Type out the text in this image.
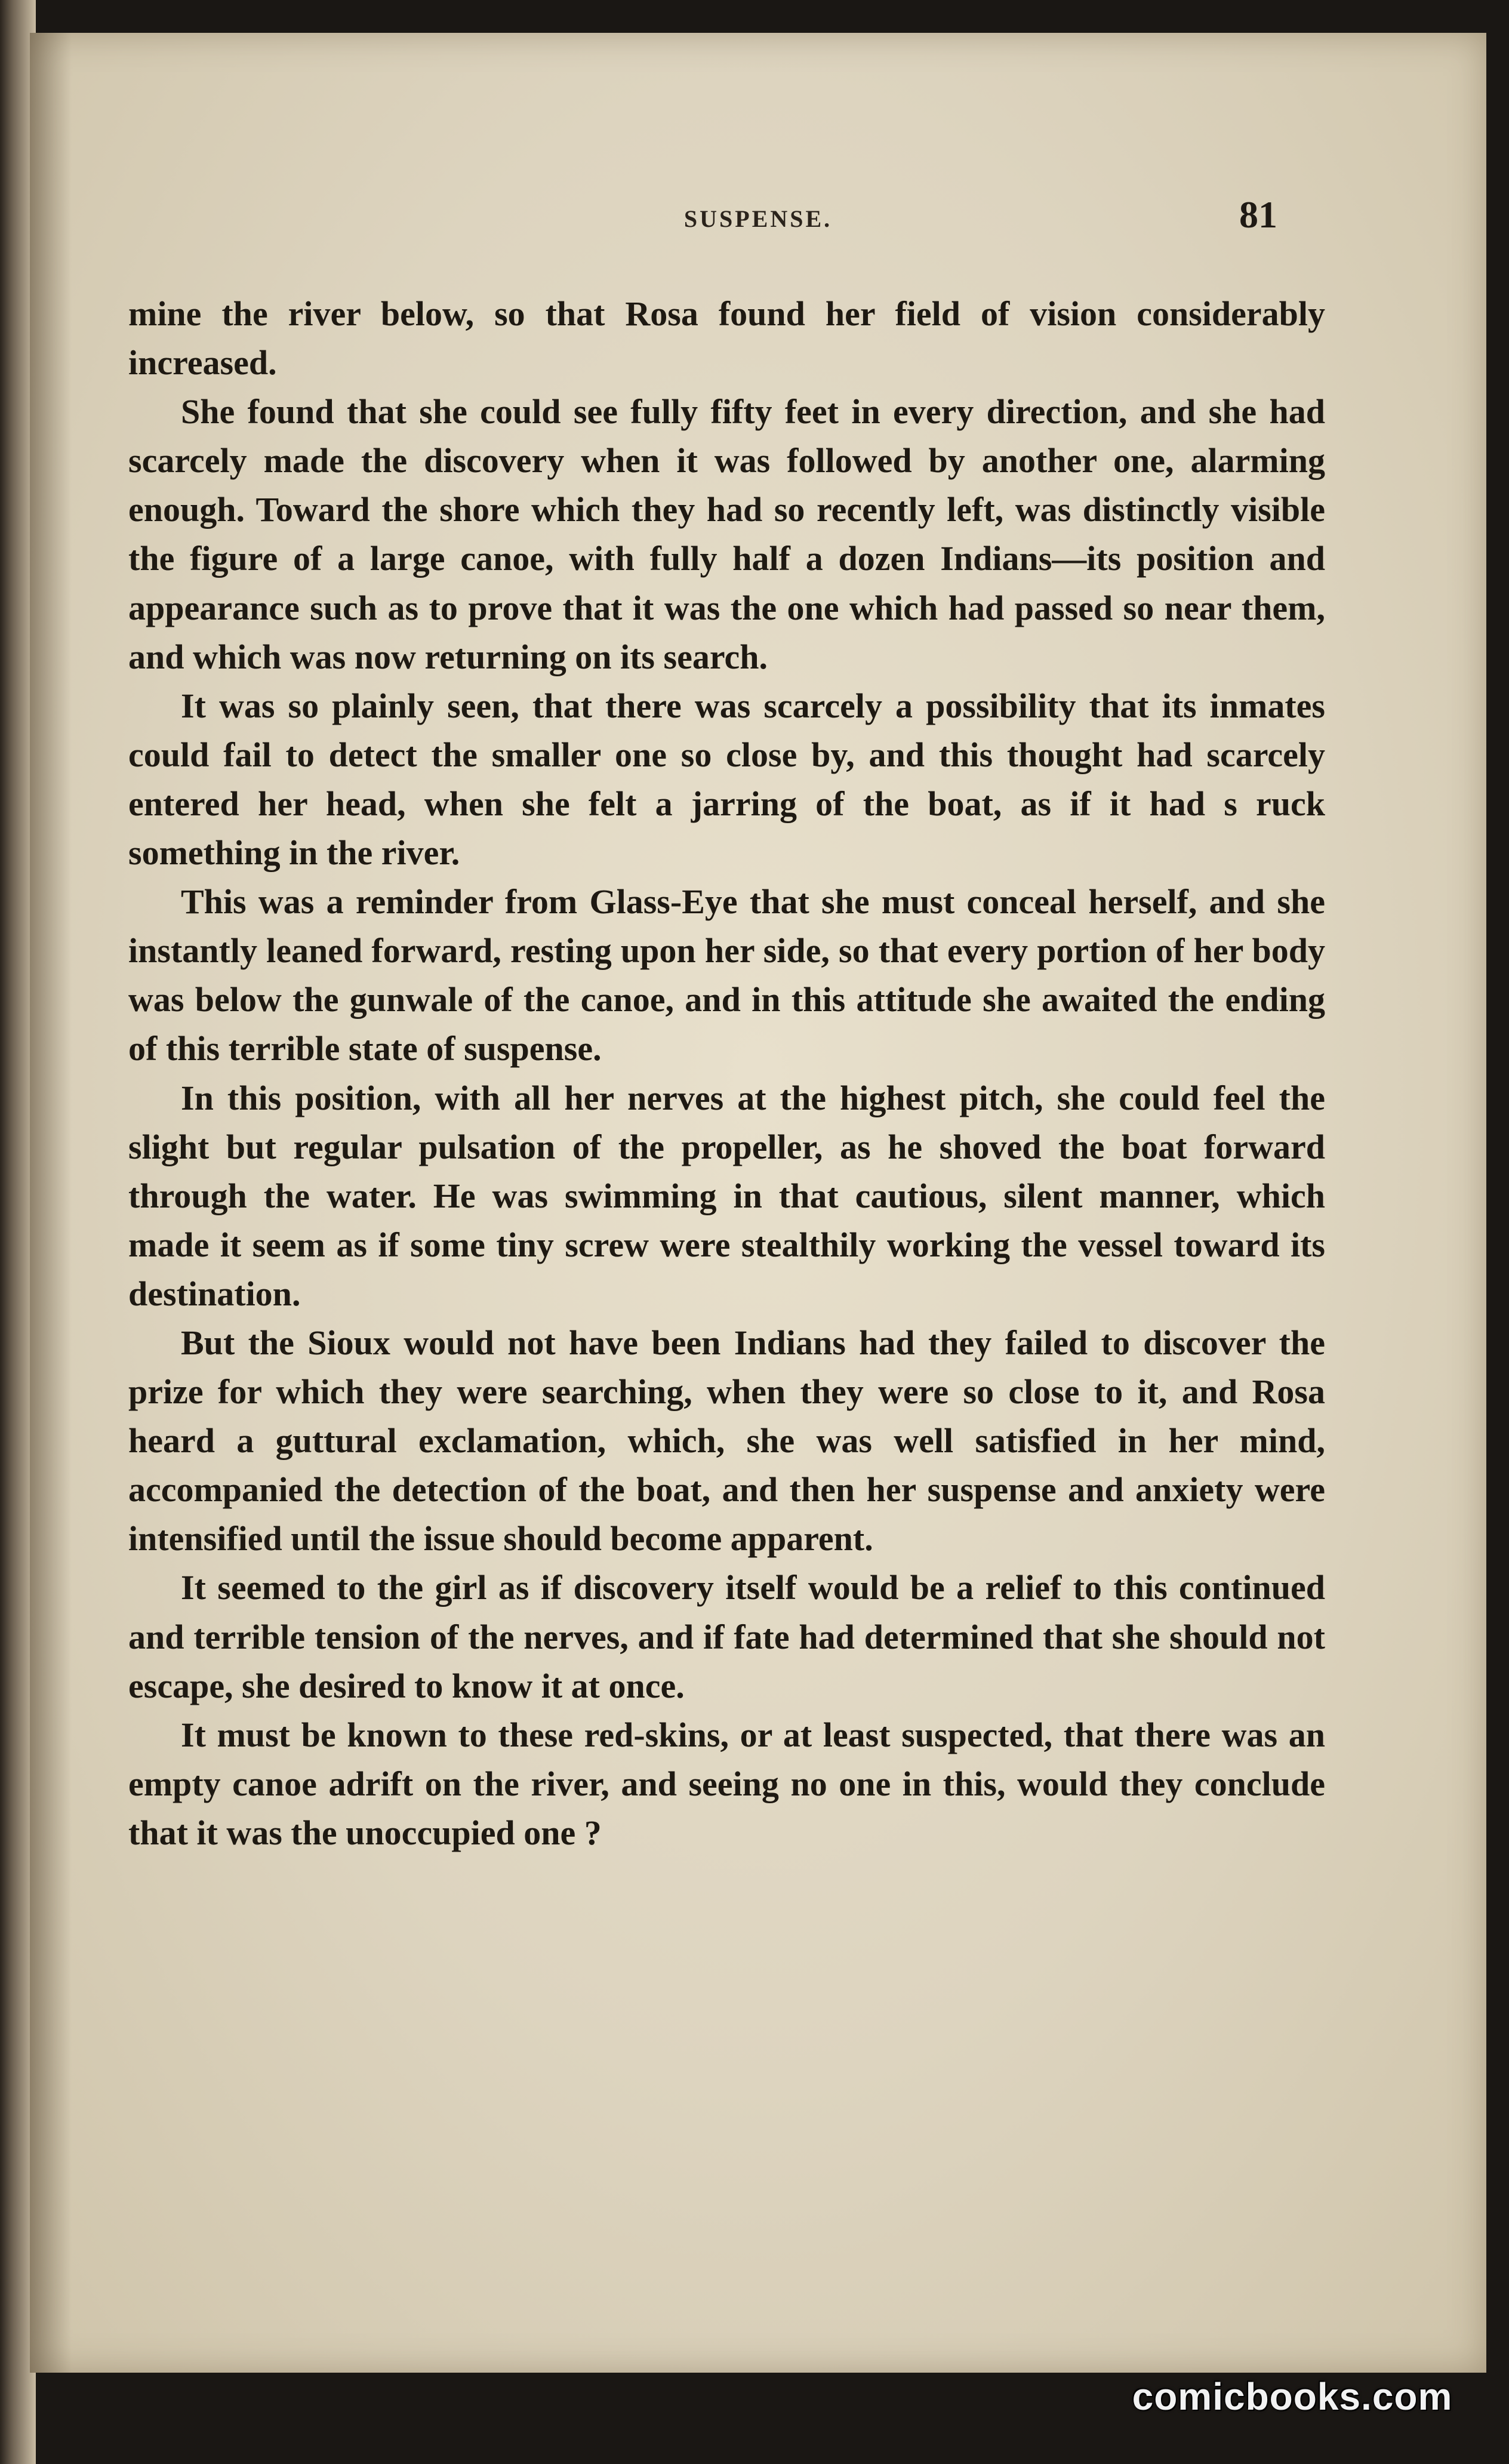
SUSPENSE.	81

mine the river below, so that Rosa found her field of vision considerably increased.

She found that she could see fully fifty feet in every direction, and she had scarcely made the discovery when it was followed by another one, alarming enough. Toward the shore which they had so recently left, was distinctly visible the figure of a large canoe, with fully half a dozen Indians—its position and appearance such as to prove that it was the one which had passed so near them, and which was now returning on its search.

It was so plainly seen, that there was scarcely a possibility that its inmates could fail to detect the smaller one so close by, and this thought had scarcely entered her head, when she felt a jarring of the boat, as if it had s ruck something in the river.

This was a reminder from Glass-Eye that she must conceal herself, and she instantly leaned forward, resting upon her side, so that every portion of her body was below the gunwale of the canoe, and in this attitude she awaited the ending of this terrible state of suspense.

In this position, with all her nerves at the highest pitch, she could feel the slight but regular pulsation of the propeller, as he shoved the boat forward through the water. He was swimming in that cautious, silent manner, which made it seem as if some tiny screw were stealthily working the vessel toward its destination.

But the Sioux would not have been Indians had they failed to discover the prize for which they were searching, when they were so close to it, and Rosa heard a guttural exclamation, which, she was well satisfied in her mind, accompanied the detection of the boat, and then her suspense and anxiety were intensified until the issue should become apparent.

It seemed to the girl as if discovery itself would be a relief to this continued and terrible tension of the nerves, and if fate had determined that she should not escape, she desired to know it at once.

It must be known to these red-skins, or at least suspected, that there was an empty canoe adrift on the river, and seeing no one in this, would they conclude that it was the unoccupied one ?

comicbooks.com
